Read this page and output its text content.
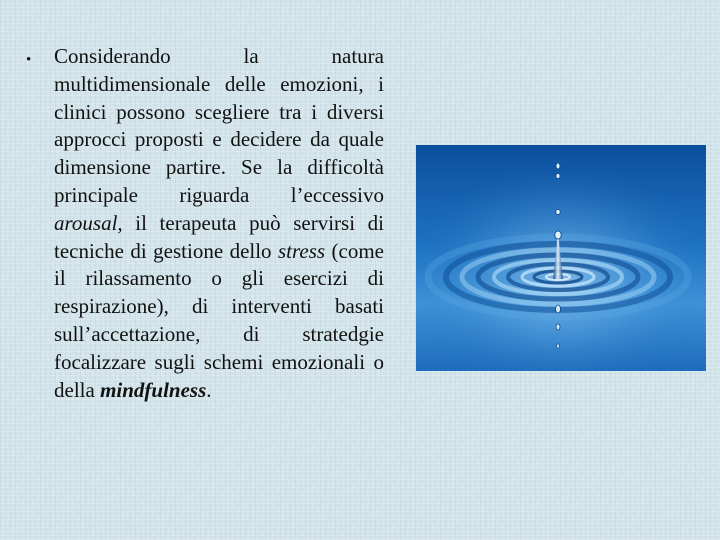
• Considerando la natura multidimensionale delle emozioni, i clinici possono scegliere tra i diversi approcci proposti e decidere da quale dimensione partire. Se la difficoltà principale riguarda l’eccessivo arousal, il terapeuta può servirsi di tecniche di gestione dello stress (come il rilassamento o gli esercizi di respirazione), di interventi basati sull’accettazione, di stratedgie focalizzare sugli schemi emozionali o della mindfulness.
